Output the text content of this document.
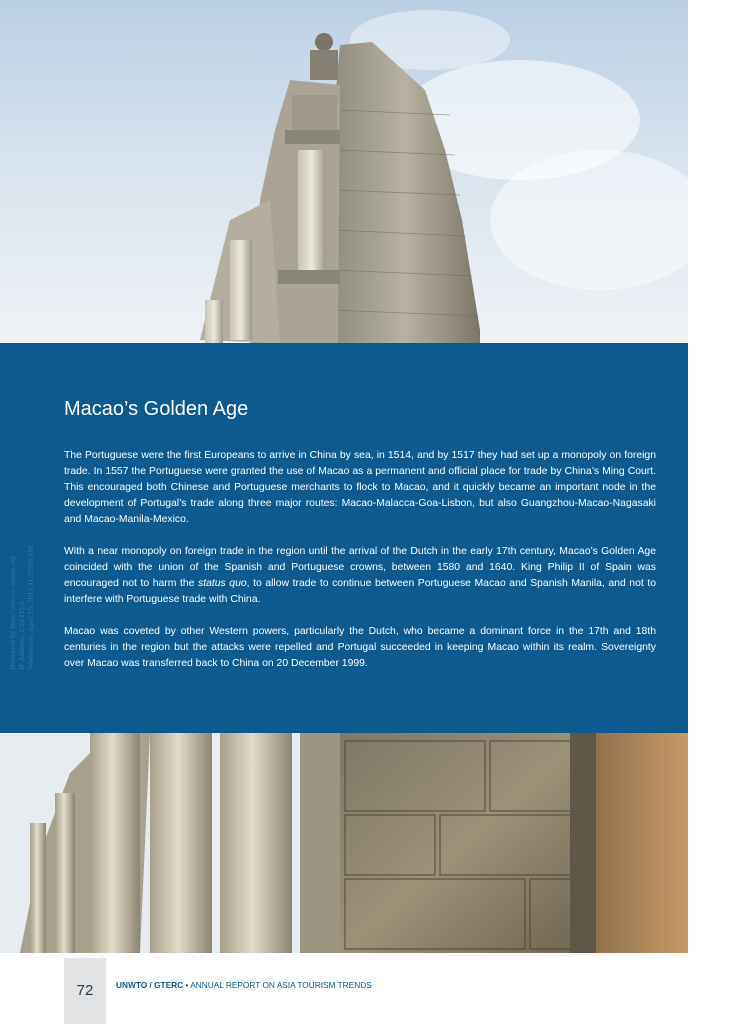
Macao’s Golden Age

The Portuguese were the first Europeans to arrive in China by sea, in 1514, and by 1517 they had set up a monopoly on foreign trade. In 1557 the Portuguese were granted the use of Macao as a permanent and official place for trade by China’s Ming Court. This encouraged both Chinese and Portuguese merchants to flock to Macao, and it quickly became an important node in the development of Portugal’s trade along three major routes: Macao-Malacca-Goa-Lisbon, but also Guangzhou-Macao-Nagasaki and Macao-Manila-Mexico.

With a near monopoly on foreign trade in the region until the arrival of the Dutch in the early 17th century, Macao’s Golden Age coincided with the union of the Spanish and Portuguese crowns, between 1580 and 1640. King Philip II of Spain was encouraged not to harm the status quo, to allow trade to continue between Portuguese Macao and Spanish Manila, and not to interfere with Portuguese trade with China.

Macao was coveted by other Western powers, particularly the Dutch, who became a dominant force in the 17th and 18th centuries in the region but the attacks were repelled and Portugal succeeded in keeping Macao within its realm. Sovereignty over Macao was transferred back to China on 20 December 1999.

Delivered by http://www.e-unwto.org IP Address: 2.50.115.6 Wednesday, April 15, 2015 11:29:09 AM
72	UNWTO / GTERC • ANNUAL REPORT ON ASIA TOURISM TRENDS
